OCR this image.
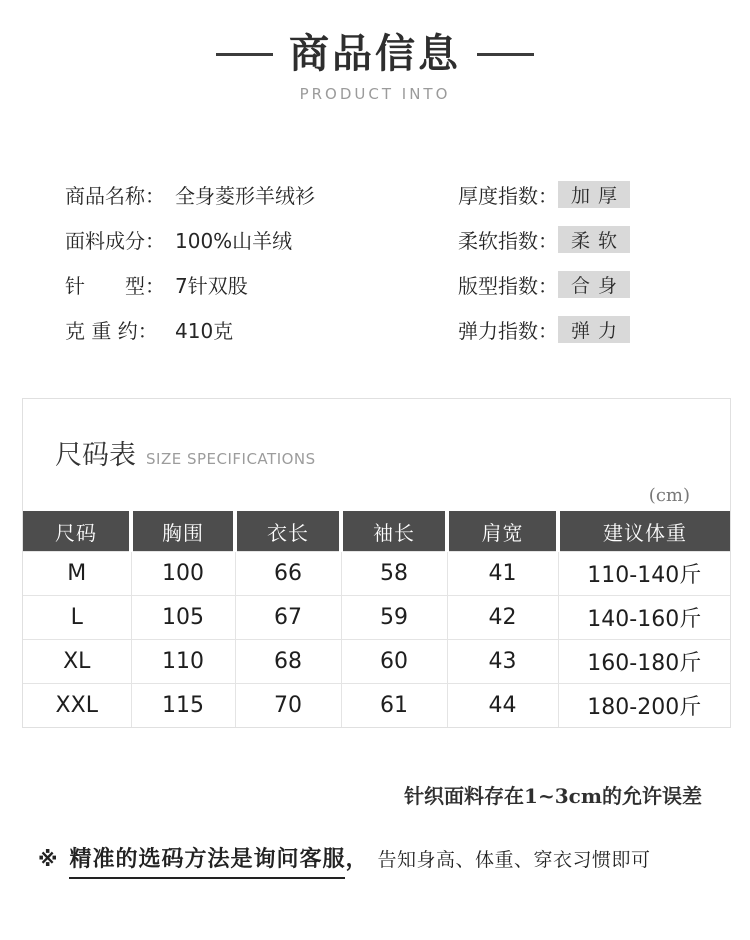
商品信息
PRODUCT INTO
商品名称： 全身菱形羊绒衫
面料成分： 100%山羊绒
针　　型： 7针双股
克 重 约： 410克
厚度指数： 加厚
柔软指数： 柔软
版型指数： 合身
弹力指数： 弹力
尺码表 SIZE SPECIFICATIONS
(cm)
尺码	胸围	衣长	袖长	肩宽	建议体重
M	100	66	58	41	110-140斤
L	105	67	59	42	140-160斤
XL	110	68	60	43	160-180斤
XXL	115	70	61	44	180-200斤
针织面料存在1~3cm的允许误差
※ 精准的选码方法是询问客服 ， 告知身高、体重、穿衣习惯即可
